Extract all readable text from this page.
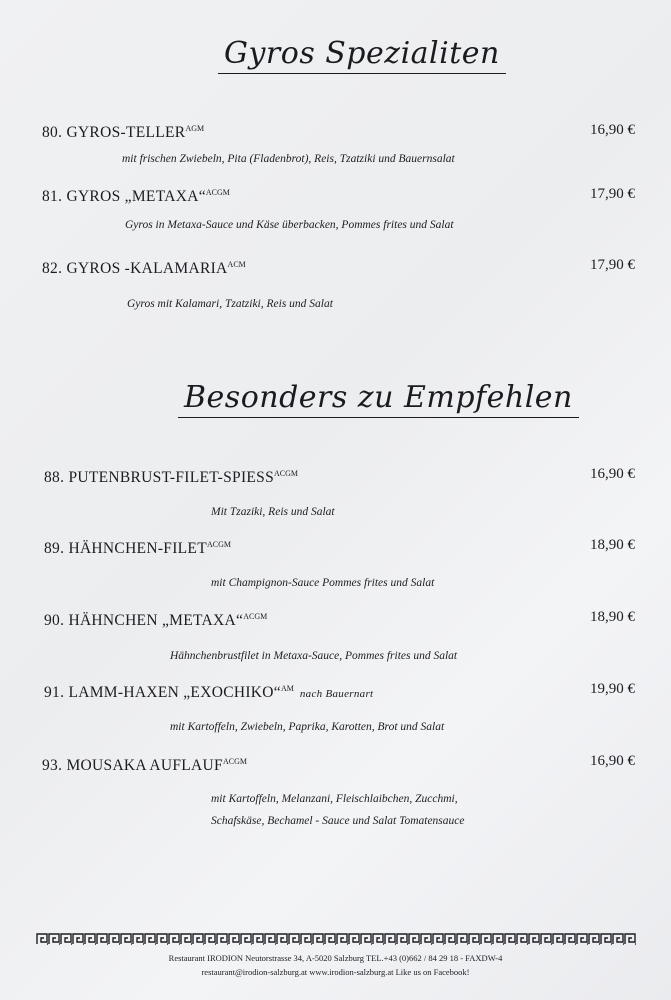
Gyros Spezialiten
80. GYROS-$TELLER^{AGM}$	16,90 €
mit frischen Zwiebeln, Pita (Fladenbrot), Reis, Tzatziki und Bauernsalat
81. GYROS „METAXA“$^{ACGM}$	17,90 €
Gyros in Metaxa-Sauce und Käse überbacken, Pommes frites und Salat
82. GYROS $-KALAMARIA^{ACM}$	17,90 €
Gyros mit Kalamari, Tzatziki, Reis und Salat
Besonders zu Empfehlen
88. PUTENBRUST-$FILET-SPIESS^{ACGM}$	16,90 €
Mit Tzaziki, Reis und Salat
89. HÄHNCHEN-$FILET^{ACGM}$	18,90 €
mit Champignon-Sauce Pommes frites und Salat
90. HÄHNCHEN „METAXA“$^{ACGM}$	18,90 €
Hähnchenbrustfilet in Metaxa-Sauce, Pommes frites und Salat
91. LAMM-HAXEN „EXOCHIKO“$^{AM}$ nach Bauernart	19,90 €
mit Kartoffeln, Zwiebeln, Paprika, Karotten, Brot und Salat
93. MOUSAKA $AUFLAUF^{ACGM}$	16,90 €
mit Kartoffeln, Melanzani, Fleischlaibchen, Zucchmi,
Schafskäse, Bechamel - Sauce und Salat Tomatensauce
Restaurant IRODION Neutorstrasse 34, A-5020 Salzburg TEL.+43 (0)662 / 84 29 18 - FAXDW-4
restaurant@irodion-salzburg.at www.irodion-salzburg.at Like us on Facebook!
